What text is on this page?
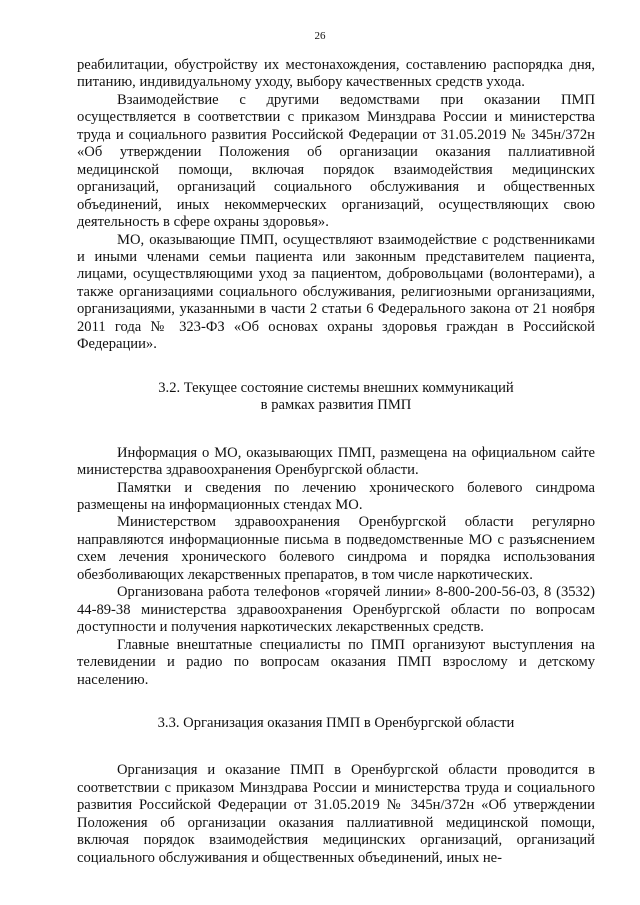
26

реабилитации, обустройству их местонахождения, составлению распорядка дня, питанию, индивидуальному уходу, выбору качественных средств ухода.

Взаимодействие с другими ведомствами при оказании ПМП осуществляется в соответствии с приказом Минздрава России и министерства труда и социального развития Российской Федерации от 31.05.2019 № 345н/372н «Об утверждении Положения об организации оказания паллиативной медицинской помощи, включая порядок взаимодействия медицинских организаций, организаций социального обслуживания и общественных объединений, иных некоммерческих организаций, осуществляющих свою деятельность в сфере охраны здоровья».

МО, оказывающие ПМП, осуществляют взаимодействие с родственниками и иными членами семьи пациента или законным представителем пациента, лицами, осуществляющими уход за пациентом, добровольцами (волонтерами), а также организациями социального обслуживания, религиозными организациями, организациями, указанными в части 2 статьи 6 Федерального закона от 21 ноября 2011 года № 323-ФЗ «Об основах охраны здоровья граждан в Российской Федерации».

3.2. Текущее состояние системы внешних коммуникаций

в рамках развития ПМП

Информация о МО, оказывающих ПМП, размещена на официальном сайте министерства здравоохранения Оренбургской области.

Памятки и сведения по лечению хронического болевого синдрома размещены на информационных стендах МО.

Министерством здравоохранения Оренбургской области регулярно направляются информационные письма в подведомственные МО с разъяснением схем лечения хронического болевого синдрома и порядка использования обезболивающих лекарственных препаратов, в том числе наркотических.

Организована работа телефонов «горячей линии» 8-800-200-56-03, 8 (3532) 44-89-38 министерства здравоохранения Оренбургской области по вопросам доступности и получения наркотических лекарственных средств.

Главные внештатные специалисты по ПМП организуют выступления на телевидении и радио по вопросам оказания ПМП взрослому и детскому населению.

3.3. Организация оказания ПМП в Оренбургской области

Организация и оказание ПМП в Оренбургской области проводится в соответствии с приказом Минздрава России и министерства труда и социального развития Российской Федерации от 31.05.2019 № 345н/372н «Об утверждении Положения об организации оказания паллиативной медицинской помощи, включая порядок взаимодействия медицинских организаций, организаций социального обслуживания и общественных объединений, иных не-
